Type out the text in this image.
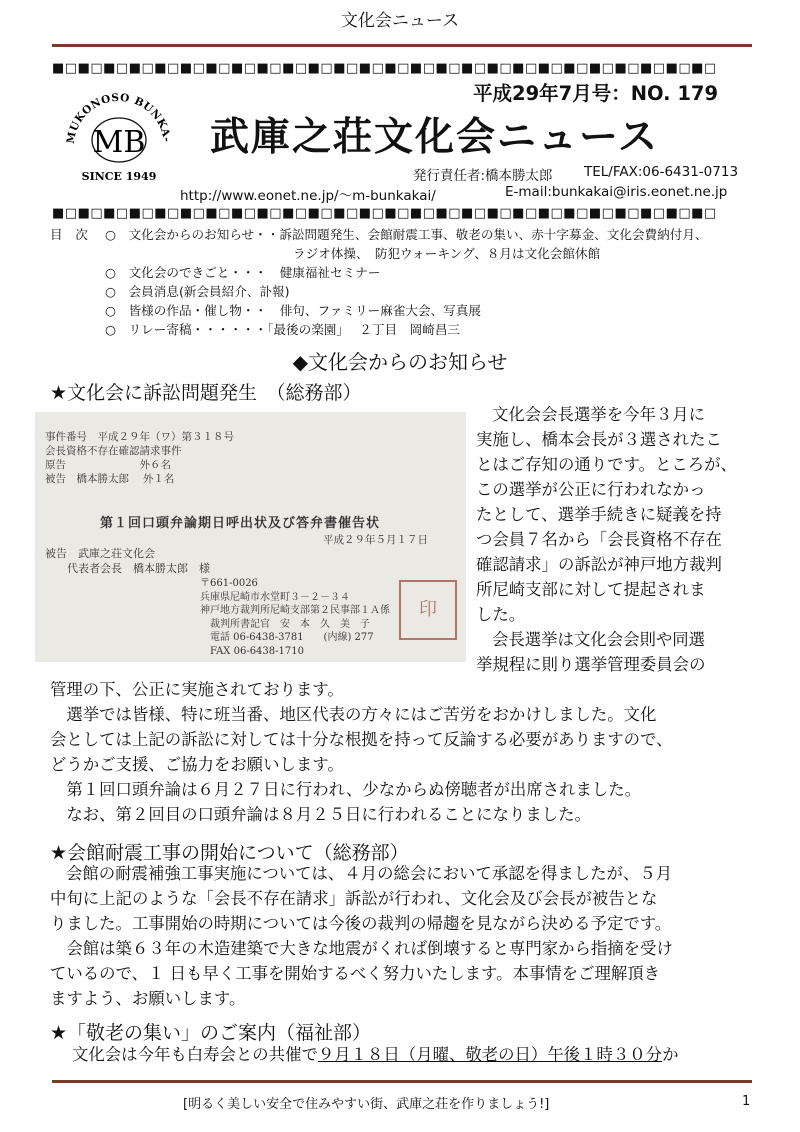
文化会ニュース
■□■□■□■□■□■□■□■□■□■□■□■□■□■□■□■□■□■□■□■□■□■□■□■□■□■□
MUKONOSO BUNKA-
MB
SINCE 1949
平成29年7月号：NO. 179
武庫之荘文化会ニュース
発行責任者:橋本勝太郎 TEL/FAX:06-6431-0713
http://www.eonet.ne.jp/～m-bunkakai/	E-mail:bunkakai@iris.eonet.ne.jp
■□■□■□■□■□■□■□■□■□■□■□■□■□■□■□■□■□■□■□■□■□■□■□■□■□■□
目　次 ○　文化会からのお知らせ・・訴訟問題発生、会館耐震工事、敬老の集い、赤十字募金、文化会費納付月、
ラジオ体操、　防犯ウォーキング、８月は文化会館休館
○　文化会のできごと・・・　健康福祉セミナー
○　会員消息(新会員紹介、訃報)
○　皆様の作品・催し物・・　俳句、ファミリー麻雀大会、写真展
○　リレー寄稿・・・・・・「最後の楽園」　 ２丁目　岡崎昌三
◆文化会からのお知らせ
★文化会に訴訟問題発生　（総務部）
事件番号　平成２９年（ワ）第３１８号
会長資格不存在確認請求事件
原告　　　　　　　外６名
被告　橋本勝太郎　 外１名
第１回口頭弁論期日呼出状及び答弁書催告状
平成２９年５月１７日
被告　武庫之荘文化会
　　代表者会長　橋本勝太郎　様
〒661-0026
兵庫県尼崎市水堂町３－２－３４
神戸地方裁判所尼崎支部第２民事部１Ａ係
　裁判所書記官　安　本　久　美　子
　電話 06-6438-3781　　(内線) 277
　FAX 06-6438-1710
印
文化会会長選挙を今年３月に
実施し、橋本会長が３選されたこ
とはご存知の通りです。ところが、
この選挙が公正に行われなかっ
たとして、選挙手続きに疑義を持
つ会員７名から「会長資格不存在
確認請求」の訴訟が神戸地方裁判
所尼崎支部に対して提起されま
した。
会長選挙は文化会会則や同選
挙規程に則り選挙管理委員会の
管理の下、公正に実施されております。
　選挙では皆様、特に班当番、地区代表の方々にはご苦労をおかけしました。文化
会としては上記の訴訟に対しては十分な根拠を持って反論する必要がありますので、
どうかご支援、ご協力をお願いします。
　第１回口頭弁論は６月２７日に行われ、少なからぬ傍聴者が出席されました。
　なお、第２回目の口頭弁論は８月２５日に行われることになりました。
★会館耐震工事の開始について（総務部）
会館の耐震補強工事実施については、４月の総会において承認を得ましたが、５月
中旬に上記のような「会長不存在請求」訴訟が行われ、文化会及び会長が被告とな
りました。工事開始の時期については今後の裁判の帰趨を見ながら決める予定です。
　会館は築６３年の木造建築で大きな地震がくれば倒壊すると専門家から指摘を受け
ているので、１ 日も早く工事を開始するべく努力いたします。本事情をご理解頂き
ますよう、お願いします。
★「敬老の集い」のご案内（福祉部）
文化会は今年も白寿会との共催で９月１８日（月曜、敬老の日）午後１時３０分か
[明るく美しい安全で住みやすい街、武庫之荘を作りましょう!]	1
